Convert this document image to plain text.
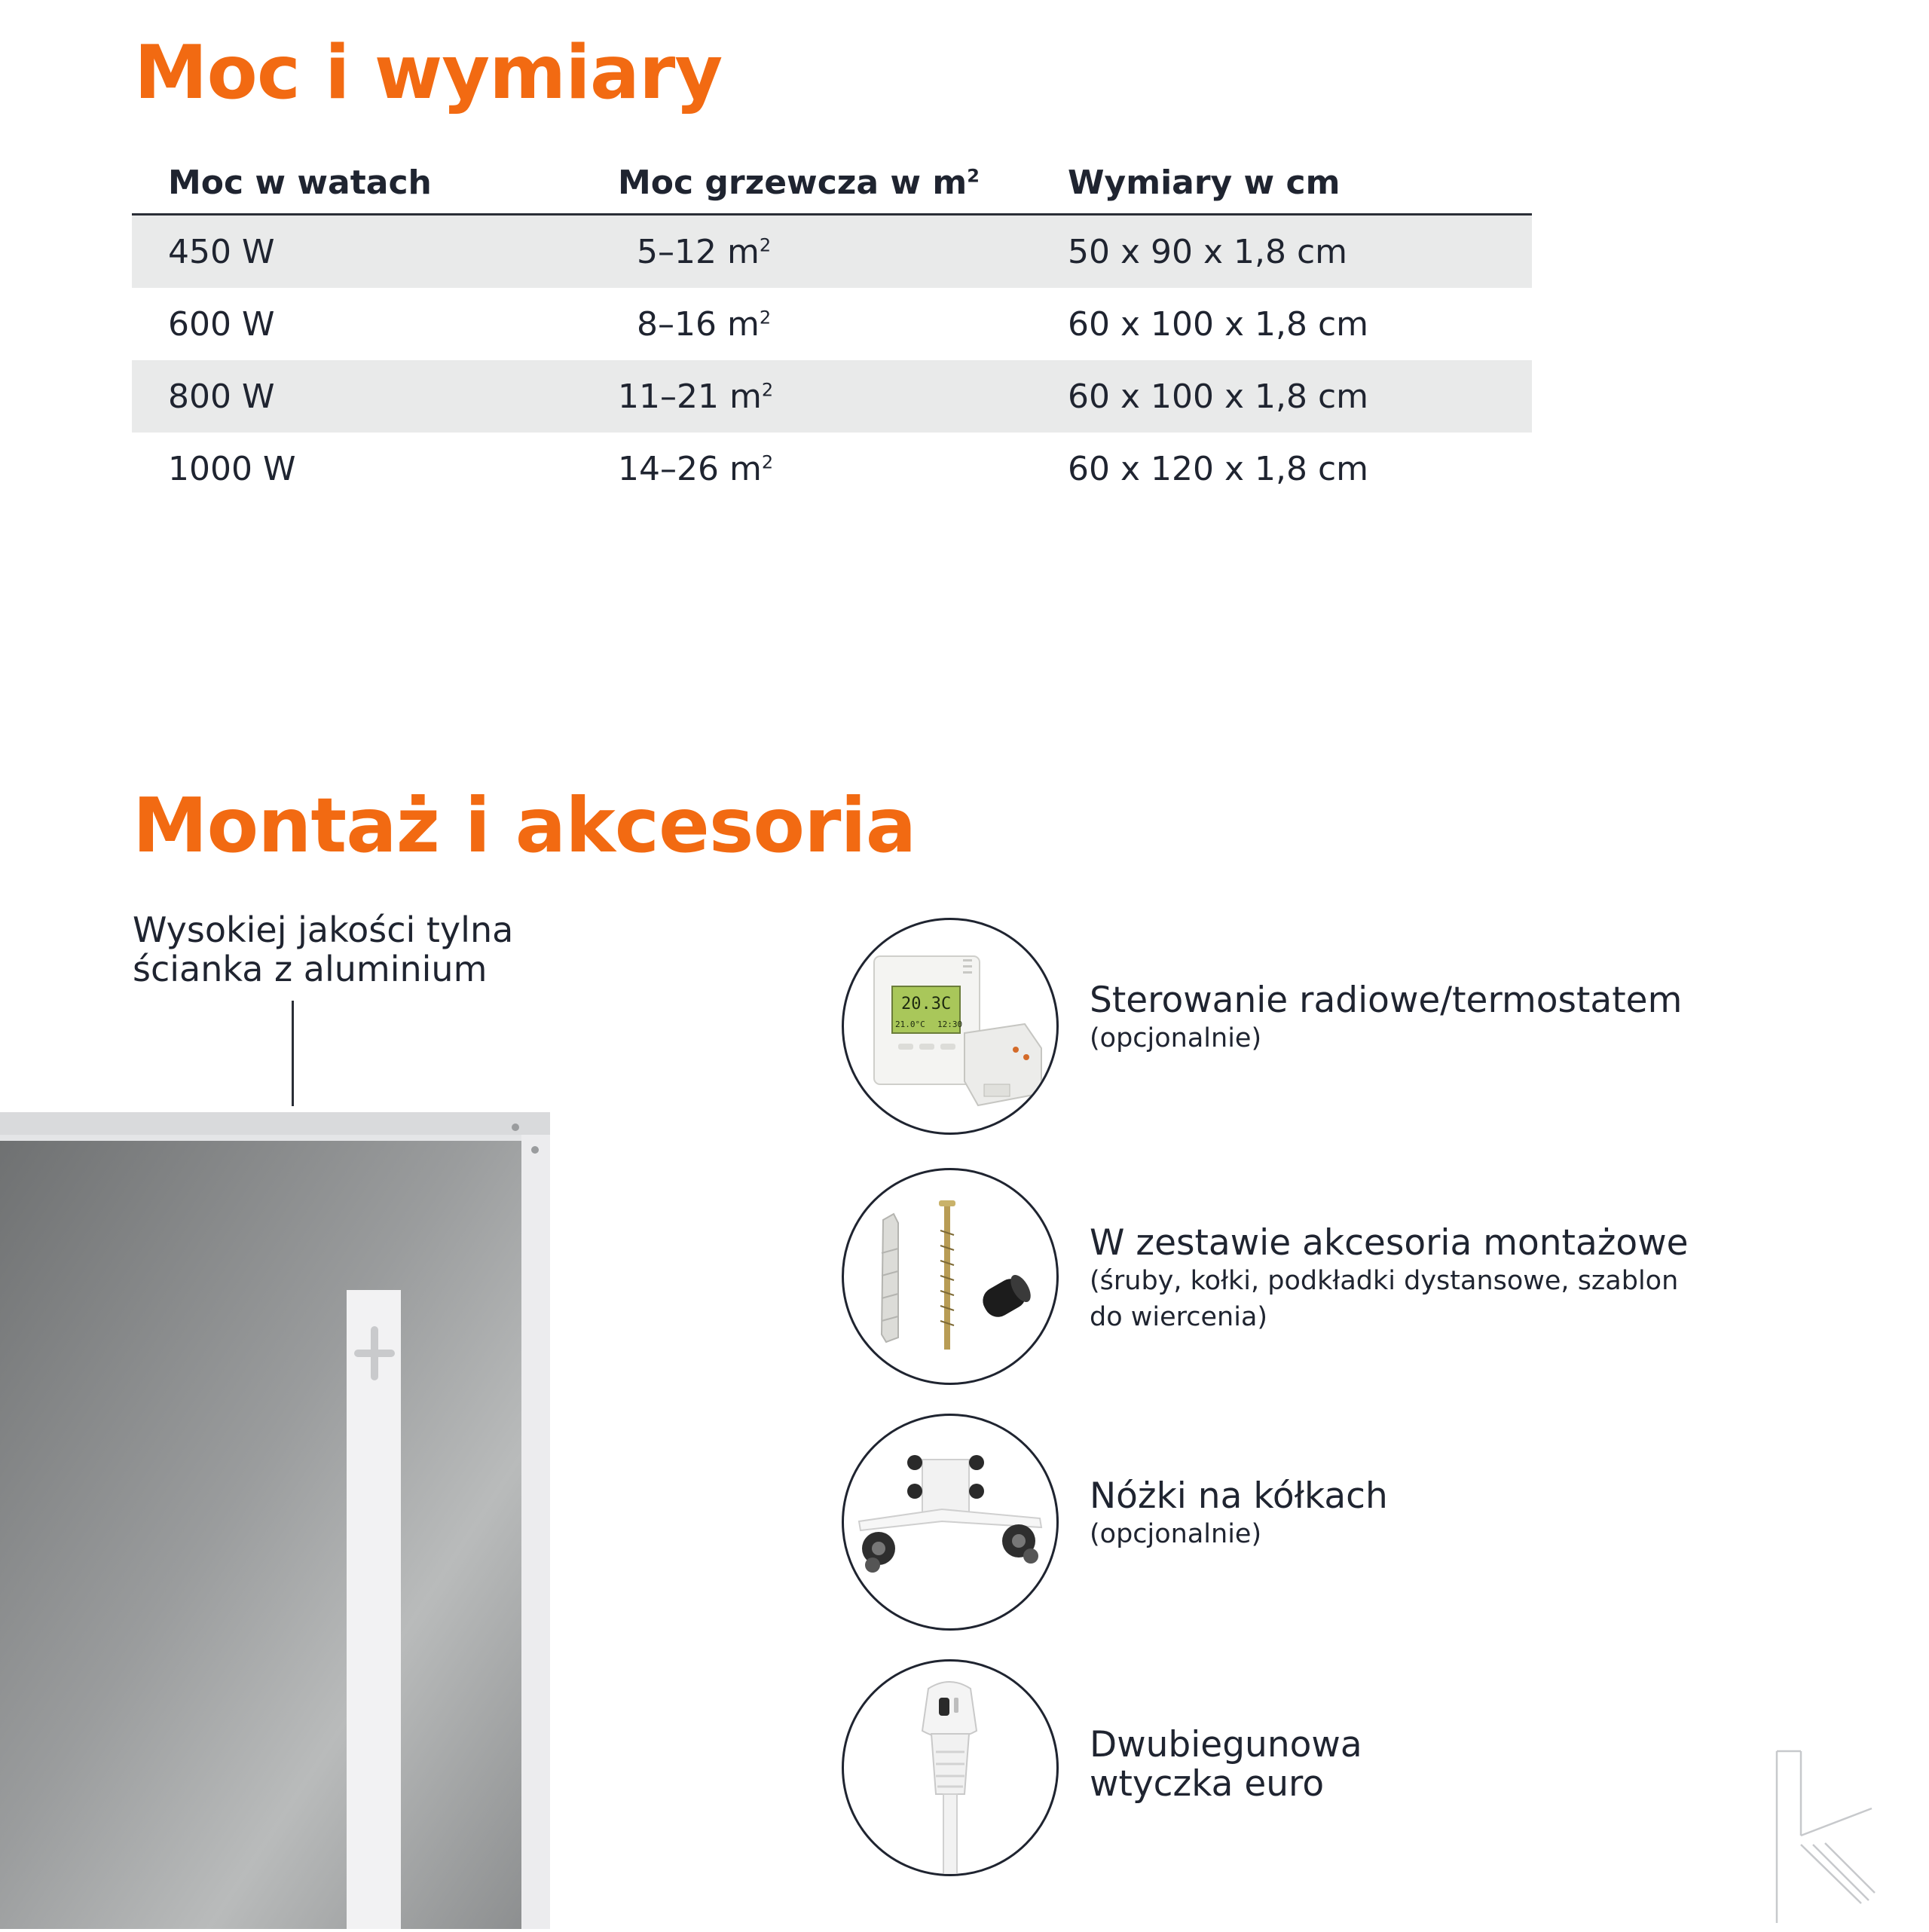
Moc i wymiary
Moc w watach	Moc grzewcza w $m^2$	Wymiary w cm
450 W	5–12 $m^2$	50 x 90 x 1,8 cm
600 W	8–16 $m^2$	60 x 100 x 1,8 cm
800 W	11–21 $m^2$	60 x 100 x 1,8 cm
1000 W	14–26 $m^2$	60 x 120 x 1,8 cm
Montaż i akcesoria
Wysokiej jakości tylna
ścianka z aluminium
20.3C
21.0°C 12:30
Sterowanie radiowe/termostatem
(opcjonalnie)
W zestawie akcesoria montażowe
(śruby, kołki, podkładki dystansowe, szablon do wiercenia)
Nóżki na kółkach
(opcjonalnie)
Dwubiegunowa
wtyczka euro
